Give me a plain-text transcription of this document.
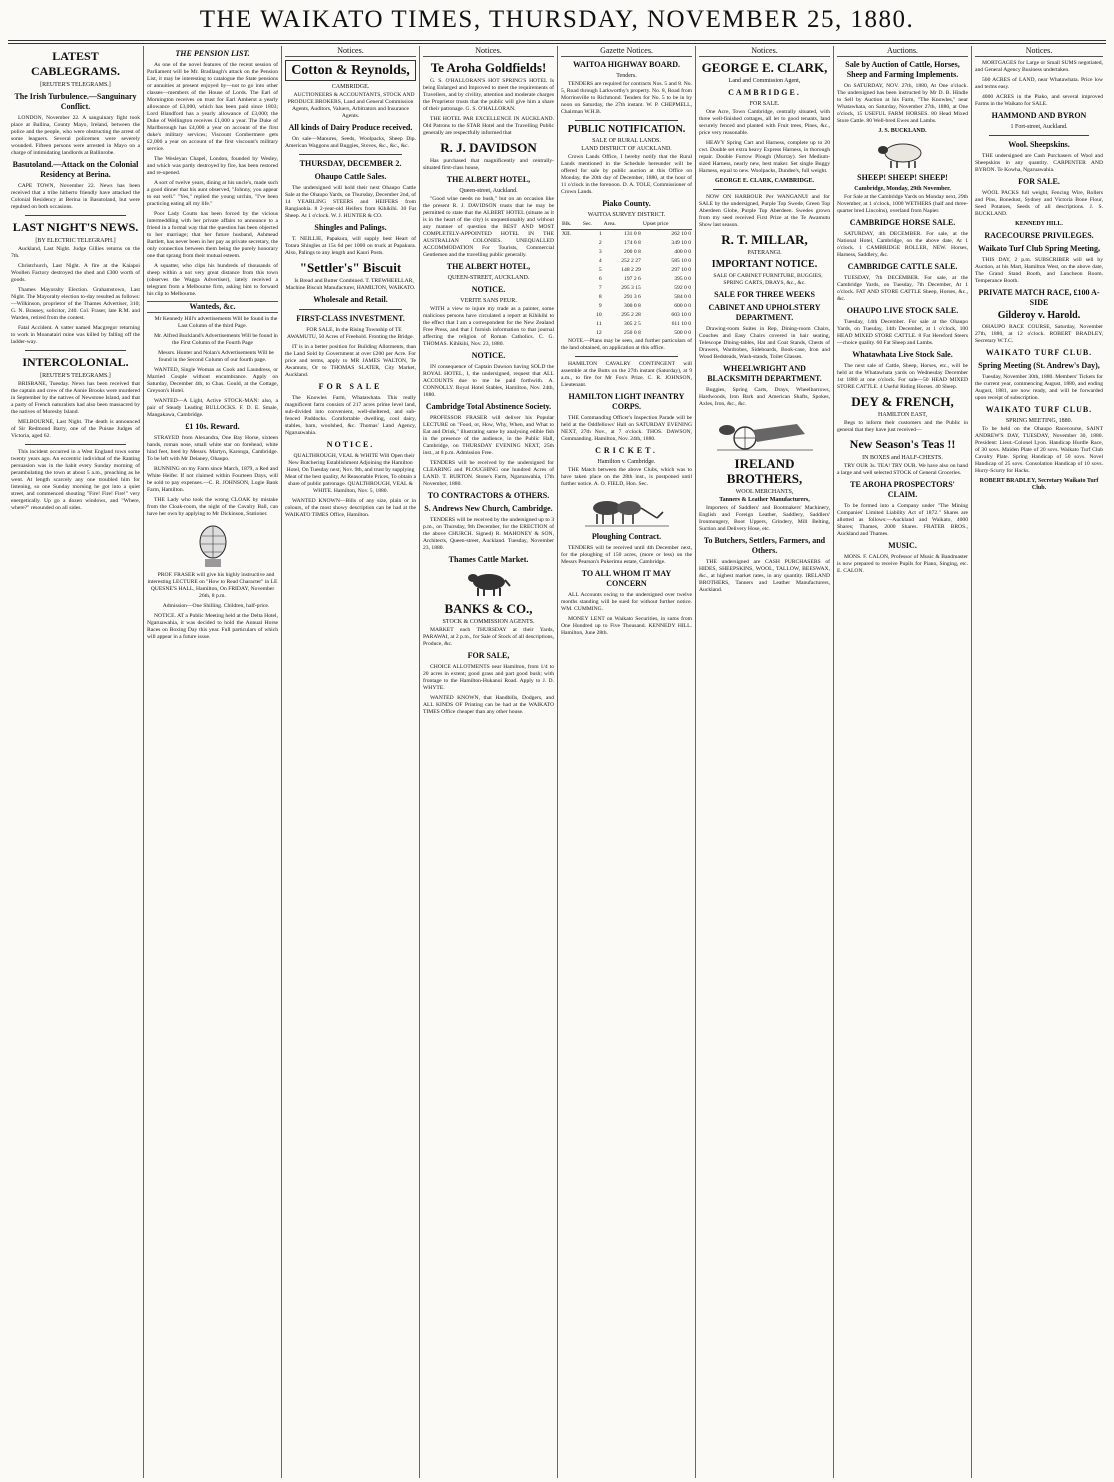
THE WAIKATO TIMES, THURSDAY, NOVEMBER 25, 1880.
LATEST CABLEGRAMS.
[REUTER'S TELEGRAMS.]
The Irish Turbulence.—Sanguinary Conflict.

LONDON, November 22. A sanguinary fight took place at Ballina, County Mayo, Ireland, between the police and the people, who were obstructing the arrest of some leaguers. Several policemen were severely wounded. Fifteen persons were arrested in Mayo on a charge of intimidating landlords at Ballinrobe.

Basutoland.—Attack on the Colonial Residency at Berina.

CAPE TOWN, November 22. News has been received that a tribe hitherto friendly have attacked the Colonial Residency at Berina in Basutoland, but were repulsed on both occasions.

LAST NIGHT'S NEWS.
[BY ELECTRIC TELEGRAPH.]

Auckland, Last Night. Judge Gillies returns on the 7th.

Christchurch, Last Night. A fire at the Kaiapoi Woollen Factory destroyed the shed and £300 worth of goods.

Thames Mayoralty Election. Grahamstown, Last Night. The Mayoralty election to-day resulted as follows:—Wilkinson, proprietor of the Thames Advertiser, 310; G. N. Brassey, solicitor, 240. Col. Fraser, late R.M. and Warden, retired from the contest.

Fatal Accident. A vatter named Macgregor returning to work in Moanatairi mine was killed by falling off the ladder-way.

INTERCOLONIAL.
[REUTER'S TELEGRAMS.]

BRISBANE, Tuesday. News has been received that the captain and crew of the Annie Brooks were murdered in September by the natives of Newstone Island, and that a party of French naturalists had also been massacred by the natives of Moresby Island.

MELBOURNE, Last Night. The death is announced of Sir Redmond Barry, one of the Puisne Judges of Victoria, aged 62.

This incident occurred in a West England town some twenty years ago. An eccentric individual of the Ranting persuasion was in the habit every Sunday morning of perambulating the town at about 5 a.m., preaching as he went. At length scarcely any one troubled him for listening, so one Sunday morning he got into a quiet street, and commenced shouting "Fire! Fire! Fire!" very energetically. Up go a dozen windows, and "Where, where?" resounded on all sides.

THE PENSION LIST.

As one of the novel features of the recent session of Parliament will be Mr. Bradlaugh's attack on the Pension List, it may be interesting to catalogue the State pensions or annuities at present enjoyed by—not to go into other classes—members of the House of Lords. The Earl of Mornington receives on trust for Earl Amherst a yearly allowance of £3,000, which has been paid since 1803; Lord Blandford has a yearly allowance of £3,000; the Duke of Wellington receives £1,000 a year. The Duke of Marlborough has £4,000 a year on account of the first duke's military services; Viscount Combermere gets £2,000 a year on account of the first viscount's military service.

The Wesleyan Chapel, London, founded by Wesley, and which was partly destroyed by fire, has been restored and re-opened.

A sort of twelve years, dining at his uncle's, made such a good dinner that his aunt observed, "Johnny, you appear to eat well." "Yes," replied the young urchin, "I've been practicing eating all my life."

Poor Lady Coutts has been forced by the vicious intermeddling with her private affairs to announce to a friend in a formal way that the question has been objected to her marriage; that her future husband, Ashmead Bartlett, has never been in her pay as private secretary, the only connection between them being the purely honorary one that sprang from their mutual esteem.

A squatter, who clips his hundreds of thousands of sheep within a not very great distance from this town (observes the Wagga Advertiser), lately received a telegram from a Melbourne firm, asking him to forward his clip to Melbourne.

Wanteds, &c.

Mr Kennedy Hill's advertisements Will be found in the Last Column of the third Page.

Mr. Alfred Buckland's Advertisements Will be found in the First Column of the Fourth Page

Messrs. Hunter and Nolan's Advertisements Will be found in the Second Column of our fourth page.

WANTED, Single Woman as Cook and Laundress, or Married Couple without encumbrance. Apply on Saturday, December 4th, to Chas. Gould, at the Cottage, Greyson's Hotel.

WANTED—A Light, Active STOCK-MAN: also, a pair of Steady Leading BULLOCKS. F. D. E. Smale, Mangakawa, Cambridge.

£1 10s. Reward.

STRAYED from Alexandra, One Bay Horse, sixteen hands, roman nose, small white star on forehead, white hind feet, bred by Messrs. Martyn, Karonga, Cambridge. To be left with Mr Delaney, Ohaupo.

RUNNING on my Farm since March, 1879, a Red and White Heifer. If not claimed within Fourteen Days, will be sold to pay expenses.—C. R. JOHNSON, Logie Bank Farm, Hamilton.

THE Lady who took the wrong CLOAK by mistake from the Cloak-room, the night of the Cavalry Ball, can have her own by applying to Mr Dickinson, Stationer.

PROF. FRASER will give his highly instructive and interesting LECTURE on "How to Read Character" in LE QUESNE'S HALL, Hamilton, On FRIDAY, November 26th, 8 p.m.

Admission—One Shilling. Children, half-price.

NOTICE. AT a Public Meeting held at the Delta Hotel, Ngaruawahia, it was decided to hold the Annual Horse Races on Boxing Day this year. Full particulars of which will appear in a future issue.

Notices.
Cotton & Reynolds,
CAMBRIDGE.

AUCTIONEERS & ACCOUNTANTS, STOCK AND PRODUCE BROKERS, Land and General Commission Agents, Auditors, Valuers, Arbitrators and Insurance Agents.

All kinds of Dairy Produce received.

On sale—Manures, Seeds, Woolpacks, Sheep Dip. American Waggons and Buggies, Stoves, &c., &c., &c.

THURSDAY, DECEMBER 2.
Ohaupo Cattle Sales.

The undersigned will hold their next Ohaupo Cattle Sale at the Ohaupo Yards, on Thursday, December 2nd, of 14 YEARLING STEERS and HEIFERS from Rangiaohia. 8 2-year-old Heifers from Kihikihi. 30 Fat Sheep. At 1 o'clock. W. J. HUNTER & CO.

Shingles and Palings.

T. NEILLIE, Papakura, will supply best Heart of Totara Shingles at 15s 6d per 1000 on truck at Papakura. Also, Palings to any length and Kauri Posts.

"Settler's" Biscuit

Is Bread and Butter Combined. T. TREWHEELLAR, Machine Biscuit Manufacturer, HAMILTON, WAIKATO.

Wholesale and Retail.
FIRST-CLASS INVESTMENT.

FOR SALE, In the Rising Township of TE AWAMUTU, 50 Acres of Freehold. Fronting the Bridge.

IT is in a better position for Building Allotments, than the Land Sold by Government at over £200 per Acre. For price and terms, apply to MR JAMES WALTON, Te Awamutu, Or to THOMAS SLATER, City Market, Auckland.

FOR SALE

The Knowles Farm, Whatawhata. This really magnificent farm consists of 217 acres prime level land, sub-divided into convenient, well-sheltered, and sub-fenced Paddocks. Comfortable dwelling, cool dairy, stables, barn, woolshed, &c. Thomas' Land Agency, Ngaruawahia.

NOTICE.

QUALTHROUGH, VEAL & WHITE Will Open their New Butchering Establishment Adjoining the Hamilton Hotel, On Tuesday next, Nov. 9th, and trust by supplying Meat of the best quality, At Reasonable Prices, To obtain a share of public patronage. QUALTHROUGH, VEAL & WHITE. Hamilton, Nov. 5, 1880.

WANTED KNOWN—Bills of any size, plain or in colours, of the most showy description can be had at the WAIKATO TIMES Office, Hamilton.

Notices.
Te Aroha Goldfields!

G. S. O'HALLORAN'S HOT SPRING'S HOTEL Is being Enlarged and Improved to meet the requirements of Travellers, and by civility, attention and moderate charges the Proprietor trusts that the public will give him a share of their patronage. G. S. O'HALLORAN.

THE HOTEL PAR EXCELLENCE IN AUCKLAND. Old Patrons to the STAR Hotel and the Travelling Public generally are respectfully informed that

R. J. DAVIDSON

Has purchased that magnificently and centrally-situated first-class house,

THE ALBERT HOTEL,
Queen-street, Auckland.

"Good wine needs no bush," but on an occasion like the present R. J. DAVIDSON trusts that he may be permitted to state that the ALBERT HOTEL (situate as it is in the heart of the city) is unquestionably and without any manner of question the BEST AND MOST COMPLETELY-APPOINTED HOTEL IN THE AUSTRALIAN COLONIES. UNEQUALLED ACCOMMODATION For Tourists, Commercial Gentlemen and the travelling public generally.

THE ALBERT HOTEL,
QUEEN-STREET, AUCKLAND.
NOTICE.
VERITE SANS PEUR.

WITH a view to injure my trade as a painter, some malicious persons have circulated a report at Kihikihi to the effect that I am a correspondent for the New Zealand Free Press, and that I furnish information to that journal affecting the religion of Roman Catholics. C. G. THOMAS. Kihikihi, Nov. 23, 1880.

NOTICE.

IN consequence of Captain Dawson having SOLD the ROYAL HOTEL, I, the undersigned, request that ALL ACCOUNTS due to me be paid forthwith. A. CONNOLLY. Royal Hotel Stables, Hamilton, Nov. 24th, 1880.

Cambridge Total Abstinence Society.

PROFESSOR FRASER will deliver his Popular LECTURE on "Food, or, How, Why, When, and What to Eat and Drink," illustrating same by analysing edible fish in the presence of the audience, in the Public Hall, Cambridge, on THURSDAY EVENING NEXT, 25th inst., at 8 p.m. Admission Free.

TENDERS will be received by the undersigned for CLEARING and PLOUGHING one hundred Acres of LAND. T. BURTON. Stone's Farm, Ngaruawahia, 17th November, 1880.

TO CONTRACTORS & OTHERS.
S. Andrews New Church, Cambridge.

TENDERS will be received by the undersigned up to 3 p.m., on Thursday, 9th December, for the ERECTION of the above CHURCH. Signed) R. MAHONEY & SON, Architects, Queen-street, Auckland. Tuesday, November 23, 1880.

Thames Cattle Market.
BANKS & CO.,
STOCK & COMMISSION AGENTS.

MARKET each THURSDAY at their Yards, PARAWAI, at 2 p.m., for Sale of Stock of all descriptions, Produce, &c.

FOR SALE,

CHOICE ALLOTMENTS near Hamilton, from 1/4 to 20 acres in extent; good grass and part good bush; with frontage to the Hamilton-Hukanui Road. Apply to J. D. WHYTE.

WANTED KNOWN, that Handbills, Dodgers, and ALL KINDS OF Printing can be had at the WAIKATO TIMES Office cheaper than any other house.

Gazette Notices.
WAITOA HIGHWAY BOARD.
Tenders.

TENDERS are required for contracts Nos. 5 and 8. No. 5, Road through Larkworthy's property. No. 8, Road from Morrinsville to Richmond. Tenders for No. 5 to be in by noon on Saturday, the 27th instant. W. P. CHEPMELL, Chairman W.H.B.

PUBLIC NOTIFICATION.
SALE OF RURAL LANDS.
LAND DISTRICT OF AUCKLAND.

Crown Lands Office, I hereby notify that the Rural Lands mentioned in the Schedule hereunder will be offered for sale by public auction at this Office on Monday, the 20th day of December, 1880, at the hour of 11 o'clock in the forenoon. D. A. TOLE, Commissioner of Crown Lands.

Piako County.
WAITOA SURVEY DISTRICT.
Blk.	Sec.	Area.	Upset price
XII.	1	131 0 8	262 10 0
	2	174 0 8	349 10 0
	3	200 0 8	400 0 0
	4	252 2 27	585 10 0
	5	148 2 29	297 10 0
	6	197 2 6	395 0 0
	7	295 3 15	592 0 0
	8	291 3 6	584 0 0
	9	300 0 8	600 0 0
	10	295 2 28	603 10 0
	11	305 2 5	611 10 0
	12	250 0 8	500 0 0

NOTE.—Plans may be seen, and further particulars of the land obtained, on application at this office.

HAMILTON CAVALRY CONTINGENT will assemble at the Butts on the 27th instant (Saturday), at 9 a.m., to fire for Mr Fox's Prize. C. R. JOHNSON, Lieutenant.

HAMILTON LIGHT INFANTRY CORPS.

THE Commanding Officer's Inspection Parade will be held at the Oddfellows' Hall on SATURDAY EVENING NEXT, 27th Nov., at 7 o'clock. THOS. DAWSON, Commanding. Hamilton, Nov. 24th, 1880.

CRICKET.
Hamilton v. Cambridge.

THE Match between the above Clubs, which was to have taken place on the 28th inst., is postponed until further notice. A. O. FIELD, Hon. Sec.

Ploughing Contract.

TENDERS will be received until 4th December next, for the ploughing of 150 acres, (more or less) on the Messrs Pearson's Pukerimu estate, Cambridge.

TO ALL WHOM IT MAY CONCERN

ALL Accounts owing to the undersigned over twelve months standing will be sued for without further notice. WM. CUMMING.

MONEY LENT on Waikato Securities, in sums from One Hundred up to Five Thousand. KENNEDY HILL. Hamilton, June 28th.

Notices.
GEORGE E. CLARK,
Land and Commission Agent,
CAMBRIDGE.
FOR SALE.

One Acre, Town Cambridge, centrally situated, with three well-finished cottages, all let to good tenants, land securely fenced and planted with Fruit trees, Pines, &c., price very reasonable.

HEAVY Spring Cart and Harness, complete up to 20 cwt. Double set extra heavy Express Harness, in thorough repair. Double Furrow Plough (Murray). Set Medium-sized Harness, nearly new, best maker. Set single Buggy Harness, equal to new. Woolpacks, Dundee's, full weight.

GEORGE E. CLARK, CAMBRIDGE.

NOW ON HARBOUR Per WANGANUI and for SALE by the undersigned, Purple Top Swede, Green Top Aberdeen Globe, Purple Top Aberdeen. Swedes grown from my seed received First Prize at the Te Awamutu Show last season.

R. T. MILLAR,
PATERANGI.
IMPORTANT NOTICE.

SALE OF CABINET FURNITURE, BUGGIES, SPRING CARTS, DRAYS, &c., &c.

SALE FOR THREE WEEKS
CABINET AND UPHOLSTERY DEPARTMENT.

Drawing-room Suites in Rep, Dining-room Chairs, Couches and Easy Chairs covered in hair seating, Telescope Dining-tables, Hat and Coat Stands, Chests of Drawers, Wardrobes, Sideboards, Book-case, Iron and Wood Bedsteads, Wash-stands, Toilet Glasses.

WHEELWRIGHT AND BLACKSMITH DEPARTMENT.

Buggies, Spring Carts, Drays, Wheelbarrows, Hardwoods, Iron Bark and American Shafts, Spokes, Axles, Iron, &c., &c.

IRELAND BROTHERS,
WOOL MERCHANTS,
Tanners & Leather Manufacturers,

Importers of Saddlers' and Bootmakers' Machinery, English and Foreign Leather, Saddlery, Saddlers' Ironmongery, Boot Uppers, Grindery, Mill Belting, Suction and Delivery Hose, etc.

To Butchers, Settlers, Farmers, and Others.

THE undersigned are CASH PURCHASERS of HIDES, SHEEPSKINS, WOOL, TALLOW, BEESWAX, &c., at highest market rates, in any quantity. IRELAND BROTHERS, Tanners and Leather Manufacturers, Auckland.

Auctions.
Sale by Auction of Cattle, Horses, Sheep and Farming Implements.

On SATURDAY, NOV. 27th, 1880, At One o'clock. The undersigned has been instructed by Mr D. B. Hindle to Sell by Auction at his Farm, "The Knowles," near Whatawhata, on Saturday, November 27th, 1880, at One o'clock, 15 USEFUL FARM HORSES. 80 Head Mixed Store Cattle. 80 Well-bred Ewes and Lambs.

J. S. BUCKLAND.
SHEEP! SHEEP! SHEEP!
Cambridge, Monday, 29th November.

For Sale at the Cambridge Yards on Monday next, 29th November, at 1 o'clock, 1000 WETHERS (half and three-quarter bred Lincolns), overland from Napier.

CAMBRIDGE HORSE SALE.

SATURDAY, 4th DECEMBER. For sale, at the National Hotel, Cambridge, on the above date, At 1 o'clock. 1 CAMBRIDGE ROLLER, NEW. Horses, Harness, Saddlery, &c.

CAMBRIDGE CATTLE SALE.

TUESDAY, 7th DECEMBER. For sale, at the Cambridge Yards, on Tuesday, 7th December, At 1 o'clock. FAT AND STORE CATTLE Sheep, Horses, &c., &c.

OHAUPO LIVE STOCK SALE.

Tuesday, 14th December. For sale at the Ohaupo Yards, on Tuesday, 14th December, at 1 o'clock, 100 HEAD MIXED STORE CATTLE. 8 Fat Hereford Steers—choice quality. 60 Fat Sheep and Lambs.

Whatawhata Live Stock Sale.

The next sale of Cattle, Sheep, Horses, etc., will be held at the Whatawhata yards on Wednesday December 1st 1880 at one o'clock. For sale—50 HEAD MIXED STORE CATTLE. 4 Useful Riding Horses. 40 Sheep.

DEY & FRENCH,
HAMILTON EAST,

Begs to inform their customers and the Public in general that they have just received—

New Season's Teas !!
IN BOXES and HALF-CHESTS.

TRY OUR 3s. TEA! TRY OUR. We have also on hand a large and well selected STOCK of General Groceries.

TE AROHA PROSPECTORS' CLAIM.

To be formed into a Company under "The Mining Companies' Limited Liability Act of 1872." Shares are allotted as follows:—Auckland and Waikato, 4000 Shares; Thames, 2000 Shares. FRATER BROS., Auckland and Thames.

MUSIC.

MONS. F. CALON, Professor of Music & Bandmaster is now prepared to receive Pupils for Piano, Singing, etc. E. CALON.

Notices.

MORTGAGES for Large or Small SUMS negotiated, and General Agency Business undertaken.

500 ACRES of LAND, near Whatawhata. Price low and terms easy.

4000 ACRES in the Piako, and several improved Farms in the Waikato for SALE.

HAMMOND AND BYRON
1 Fort-street, Auckland.
Wool. Sheepskins.

THE undersigned are Cash Purchasers of Wool and Sheepskins in any quantity. CARPENTER AND BYRON. Te Kowha, Ngaruawahia.

FOR SALE.

WOOL PACKS full weight, Fencing Wire, Rollers and Pins, Bonedust, Sydney and Victoria Bone Flour, Seed Potatoes, Seeds of all descriptions. J. S. BUCKLAND.

KENNEDY HILL.
RACECOURSE PRIVILEGES.
Waikato Turf Club Spring Meeting,

THIS DAY, 2 p.m. SUBSCRIBER will sell by Auction, at his Mart, Hamilton West, on the above date, The Grand Stand Booth, and Luncheon Room. Temperance Booth.

PRIVATE MATCH RACE, £100 A-SIDE
Gilderoy v. Harold.

OHAUPO RACE COURSE, Saturday, November 27th, 1880, at 12 o'clock. ROBERT BRADLEY, Secretary W.T.C.

WAIKATO TURF CLUB.
Spring Meeting (St. Andrew's Day),

Tuesday, November 30th, 1880. Members' Tickets for the current year, commencing August, 1880, and ending August, 1881, are now ready, and will be forwarded upon receipt of subscription.

WAIKATO TURF CLUB.
SPRING MEETING, 1880.

To be held on the Ohaupo Racecourse, SAINT ANDREW'S DAY, TUESDAY, November 30, 1880. President: Lieut.-Colonel Lyon. Handicap Hurdle Race, of 30 sovs. Maiden Plate of 20 sovs. Waikato Turf Club Cavalry Plate. Spring Handicap of 50 sovs. Novel Handicap of 25 sovs. Consolation Handicap of 10 sovs. Hurry-Scurry for Hacks.

ROBERT BRADLEY, Secretary Waikato Turf Club.
